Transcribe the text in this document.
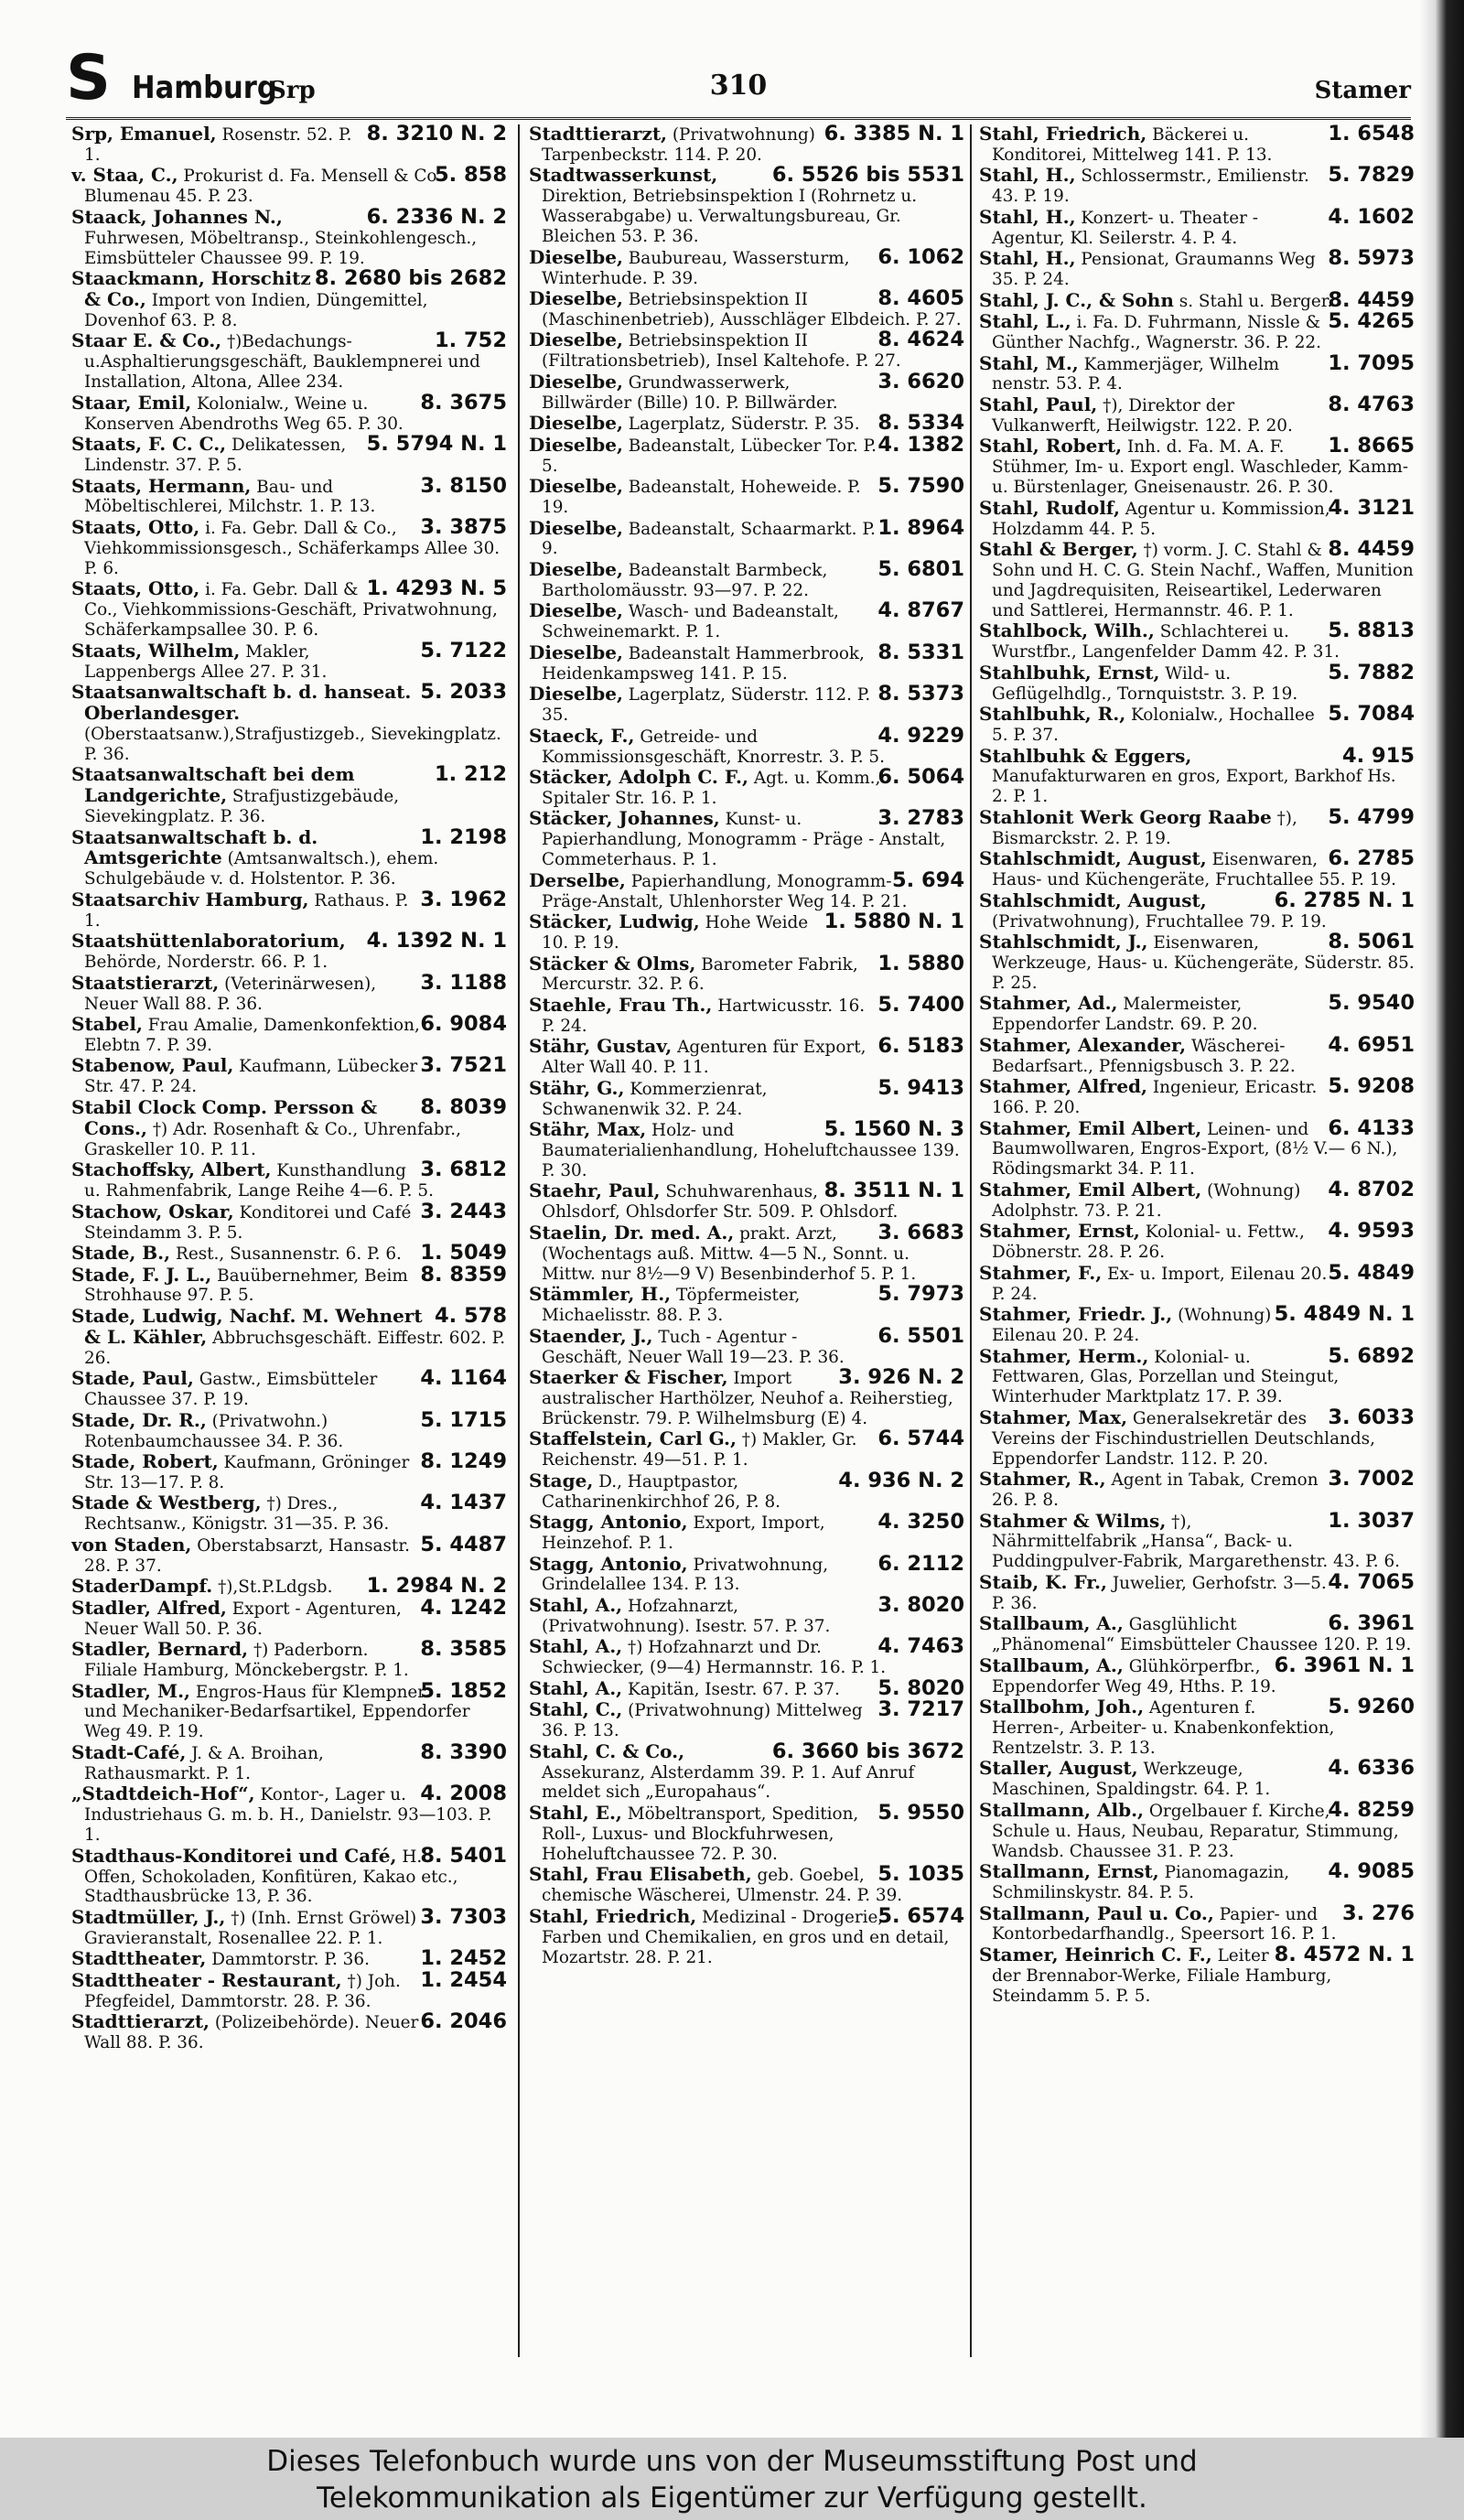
S Hamburg
Srp	310	Stamer
8. 3210 N. 2
Srp, Emanuel, Rosenstr. 52. P. 1.
5. 858
v. Staa, C., Prokurist d. Fa. Mensell & Co Blumenau 45. P. 23.
6. 2336 N. 2
Staack, Johannes N., Fuhrwesen, Möbeltransp., Steinkohlengesch., Eimsbütteler Chaussee 99. P. 19.
8. 2680 bis 2682
Staackmann, Horschitz & Co., Import von Indien, Düngemittel, Dovenhof 63. P. 8.
1. 752
Staar E. & Co., †)Bedachungs-u.Asphaltierungsgeschäft, Bauklempnerei und Installation, Altona, Allee 234.
8. 3675
Staar, Emil, Kolonialw., Weine u. Konserven Abendroths Weg 65. P. 30.
5. 5794 N. 1
Staats, F. C. C., Delikatessen, Lindenstr. 37. P. 5.
3. 8150
Staats, Hermann, Bau- und Möbeltischlerei, Milchstr. 1. P. 13.
3. 3875
Staats, Otto, i. Fa. Gebr. Dall & Co., Viehkommissionsgesch., Schäferkamps Allee 30. P. 6.
1. 4293 N. 5
Staats, Otto, i. Fa. Gebr. Dall & Co., Viehkommissions-Geschäft, Privatwohnung, Schäferkampsallee 30. P. 6.
5. 7122
Staats, Wilhelm, Makler, Lappenbergs Allee 27. P. 31.
5. 2033
Staatsanwaltschaft b. d. hanseat. Oberlandesger. (Oberstaatsanw.),Strafjustizgeb., Sievekingplatz. P. 36.
1. 212
Staatsanwaltschaft bei dem Landgerichte, Strafjustizgebäude, Sievekingplatz. P. 36.
1. 2198
Staatsanwaltschaft b. d. Amtsgerichte (Amtsanwaltsch.), ehem. Schulgebäude v. d. Holstentor. P. 36.
3. 1962
Staatsarchiv Hamburg, Rathaus. P. 1.
4. 1392 N. 1
Staatshüttenlaboratorium, Behörde, Norderstr. 66. P. 1.
3. 1188
Staatstierarzt, (Veterinärwesen), Neuer Wall 88. P. 36.
6. 9084
Stabel, Frau Amalie, Damenkonfektion, Elebtn 7. P. 39.
3. 7521
Stabenow, Paul, Kaufmann, Lübecker Str. 47. P. 24.
8. 8039
Stabil Clock Comp. Persson & Cons., †) Adr. Rosenhaft & Co., Uhrenfabr., Graskeller 10. P. 11.
3. 6812
Stachoffsky, Albert, Kunsthandlung u. Rahmenfabrik, Lange Reihe 4—6. P. 5.
3. 2443
Stachow, Oskar, Konditorei und Café Steindamm 3. P. 5.
1. 5049
Stade, B., Rest., Susannenstr. 6. P. 6.
8. 8359
Stade, F. J. L., Bauübernehmer, Beim Strohhause 97. P. 5.
4. 578
Stade, Ludwig, Nachf. M. Wehnert & L. Kähler, Abbruchsgeschäft. Eiffestr. 602. P. 26.
4. 1164
Stade, Paul, Gastw., Eimsbütteler Chaussee 37. P. 19.
5. 1715
Stade, Dr. R., (Privatwohn.) Rotenbaumchaussee 34. P. 36.
8. 1249
Stade, Robert, Kaufmann, Gröninger Str. 13—17. P. 8.
4. 1437
Stade & Westberg, †) Dres., Rechtsanw., Königstr. 31—35. P. 36.
5. 4487
von Staden, Oberstabsarzt, Hansastr. 28. P. 37.
1. 2984 N. 2
StaderDampf. †),St.P.Ldgsb.
4. 1242
Stadler, Alfred, Export - Agenturen, Neuer Wall 50. P. 36.
8. 3585
Stadler, Bernard, †) Paderborn. Filiale Hamburg, Mönckebergstr. P. 1.
5. 1852
Stadler, M., Engros-Haus für Klempner und Mechaniker-Bedarfsartikel, Eppendorfer Weg 49. P. 19.
8. 3390
Stadt-Café, J. & A. Broihan, Rathausmarkt. P. 1.
4. 2008
„Stadtdeich-Hof“, Kontor-, Lager u. Industriehaus G. m. b. H., Danielstr. 93—103. P. 1.
8. 5401
Stadthaus-Konditorei und Café, H. Offen, Schokoladen, Konfitüren, Kakao etc., Stadthausbrücke 13, P. 36.
3. 7303
Stadtmüller, J., †) (Inh. Ernst Gröwel) Gravieranstalt, Rosenallee 22. P. 1.
1. 2452
Stadttheater, Dammtorstr. P. 36.
1. 2454
Stadttheater - Restaurant, †) Joh. Pfegfeidel, Dammtorstr. 28. P. 36.
6. 2046
Stadttierarzt, (Polizeibehörde). Neuer Wall 88. P. 36.
6. 3385 N. 1
Stadttierarzt, (Privatwohnung) Tarpenbeckstr. 114. P. 20.
6. 5526 bis 5531
Stadtwasserkunst, Direktion, Betriebsinspektion I (Rohrnetz u. Wasserabgabe) u. Verwaltungsbureau, Gr. Bleichen 53. P. 36.
6. 1062
Dieselbe, Baubureau, Wassersturm, Winterhude. P. 39.
8. 4605
Dieselbe, Betriebsinspektion II (Maschinenbetrieb), Ausschläger Elbdeich. P. 27.
8. 4624
Dieselbe, Betriebsinspektion II (Filtrationsbetrieb), Insel Kaltehofe. P. 27.
3. 6620
Dieselbe, Grundwasserwerk, Billwärder (Bille) 10. P. Billwärder.
8. 5334
Dieselbe, Lagerplatz, Süderstr. P. 35.
4. 1382
Dieselbe, Badeanstalt, Lübecker Tor. P. 5.
5. 7590
Dieselbe, Badeanstalt, Hoheweide. P. 19.
1. 8964
Dieselbe, Badeanstalt, Schaarmarkt. P. 9.
5. 6801
Dieselbe, Badeanstalt Barmbeck, Bartholomäusstr. 93—97. P. 22.
4. 8767
Dieselbe, Wasch- und Badeanstalt, Schweinemarkt. P. 1.
8. 5331
Dieselbe, Badeanstalt Hammerbrook, Heidenkampsweg 141. P. 15.
8. 5373
Dieselbe, Lagerplatz, Süderstr. 112. P. 35.
4. 9229
Staeck, F., Getreide- und Kommissionsgeschäft, Knorrestr. 3. P. 5.
6. 5064
Stäcker, Adolph C. F., Agt. u. Komm., Spitaler Str. 16. P. 1.
3. 2783
Stäcker, Johannes, Kunst- u. Papierhandlung, Monogramm - Präge - Anstalt, Commeterhaus. P. 1.
5. 694
Derselbe, Papierhandlung, Monogramm-Präge-Anstalt, Uhlenhorster Weg 14. P. 21.
1. 5880 N. 1
Stäcker, Ludwig, Hohe Weide 10. P. 19.
1. 5880
Stäcker & Olms, Barometer Fabrik, Mercurstr. 32. P. 6.
5. 7400
Staehle, Frau Th., Hartwicusstr. 16. P. 24.
6. 5183
Stähr, Gustav, Agenturen für Export, Alter Wall 40. P. 11.
5. 9413
Stähr, G., Kommerzienrat, Schwanenwik 32. P. 24.
5. 1560 N. 3
Stähr, Max, Holz- und Baumaterialienhandlung, Hoheluftchaussee 139. P. 30.
8. 3511 N. 1
Staehr, Paul, Schuhwarenhaus, Ohlsdorf, Ohlsdorfer Str. 509. P. Ohlsdorf.
3. 6683
Staelin, Dr. med. A., prakt. Arzt, (Wochentags auß. Mittw. 4—5 N., Sonnt. u. Mittw. nur 8½—9 V) Besenbinderhof 5. P. 1.
5. 7973
Stämmler, H., Töpfermeister, Michaelisstr. 88. P. 3.
6. 5501
Staender, J., Tuch - Agentur - Geschäft, Neuer Wall 19—23. P. 36.
3. 926 N. 2
Staerker & Fischer, Import australischer Harthölzer, Neuhof a. Reiherstieg, Brückenstr. 79. P. Wilhelmsburg (E) 4.
6. 5744
Staffelstein, Carl G., †) Makler, Gr. Reichenstr. 49—51. P. 1.
4. 936 N. 2
Stage, D., Hauptpastor, Catharinenkirchhof 26, P. 8.
4. 3250
Stagg, Antonio, Export, Import, Heinzehof. P. 1.
6. 2112
Stagg, Antonio, Privatwohnung, Grindelallee 134. P. 13.
3. 8020
Stahl, A., Hofzahnarzt, (Privatwohnung). Isestr. 57. P. 37.
4. 7463
Stahl, A., †) Hofzahnarzt und Dr. Schwiecker, (9—4) Hermannstr. 16. P. 1.
5. 8020
Stahl, A., Kapitän, Isestr. 67. P. 37.
3. 7217
Stahl, C., (Privatwohnung) Mittelweg 36. P. 13.
6. 3660 bis 3672
Stahl, C. & Co., Assekuranz, Alsterdamm 39. P. 1. Auf Anruf meldet sich „Europahaus“.
5. 9550
Stahl, E., Möbeltransport, Spedition, Roll-, Luxus- und Blockfuhrwesen, Hoheluftchaussee 72. P. 30.
5. 1035
Stahl, Frau Elisabeth, geb. Goebel, chemische Wäscherei, Ulmenstr. 24. P. 39.
5. 6574
Stahl, Friedrich, Medizinal - Drogerie, Farben und Chemikalien, en gros und en detail, Mozartstr. 28. P. 21.
1. 6548
Stahl, Friedrich, Bäckerei u. Konditorei, Mittelweg 141. P. 13.
5. 7829
Stahl, H., Schlossermstr., Emilienstr. 43. P. 19.
4. 1602
Stahl, H., Konzert- u. Theater - Agentur, Kl. Seilerstr. 4. P. 4.
8. 5973
Stahl, H., Pensionat, Graumanns Weg 35. P. 24.
8. 4459
Stahl, J. C., & Sohn s. Stahl u. Berger.
5. 4265
Stahl, L., i. Fa. D. Fuhrmann, Nissle & Günther Nachfg., Wagnerstr. 36. P. 22.
1. 7095
Stahl, M., Kammerjäger, Wilhelm nenstr. 53. P. 4.
8. 4763
Stahl, Paul, †), Direktor der Vulkanwerft, Heilwigstr. 122. P. 20.
1. 8665
Stahl, Robert, Inh. d. Fa. M. A. F. Stühmer, Im- u. Export engl. Waschleder, Kamm- u. Bürstenlager, Gneisenaustr. 26. P. 30.
4. 3121
Stahl, Rudolf, Agentur u. Kommission, Holzdamm 44. P. 5.
8. 4459
Stahl & Berger, †) vorm. J. C. Stahl & Sohn und H. C. G. Stein Nachf., Waffen, Munition und Jagdrequisiten, Reiseartikel, Lederwaren und Sattlerei, Hermannstr. 46. P. 1.
5. 8813
Stahlbock, Wilh., Schlachterei u. Wurstfbr., Langenfelder Damm 42. P. 31.
5. 7882
Stahlbuhk, Ernst, Wild- u. Geflügelhdlg., Tornquiststr. 3. P. 19.
5. 7084
Stahlbuhk, R., Kolonialw., Hochallee 5. P. 37.
4. 915
Stahlbuhk & Eggers, Manufakturwaren en gros, Export, Barkhof Hs. 2. P. 1.
5. 4799
Stahlonit Werk Georg Raabe †), Bismarckstr. 2. P. 19.
6. 2785
Stahlschmidt, August, Eisenwaren, Haus- und Küchengeräte, Fruchtallee 55. P. 19.
6. 2785 N. 1
Stahlschmidt, August, (Privatwohnung), Fruchtallee 79. P. 19.
8. 5061
Stahlschmidt, J., Eisenwaren, Werkzeuge, Haus- u. Küchengeräte, Süderstr. 85. P. 25.
5. 9540
Stahmer, Ad., Malermeister, Eppendorfer Landstr. 69. P. 20.
4. 6951
Stahmer, Alexander, Wäscherei-Bedarfsart., Pfennigsbusch 3. P. 22.
5. 9208
Stahmer, Alfred, Ingenieur, Ericastr. 166. P. 20.
6. 4133
Stahmer, Emil Albert, Leinen- und Baumwollwaren, Engros-Export, (8½ V.— 6 N.), Rödingsmarkt 34. P. 11.
4. 8702
Stahmer, Emil Albert, (Wohnung) Adolphstr. 73. P. 21.
4. 9593
Stahmer, Ernst, Kolonial- u. Fettw., Döbnerstr. 28. P. 26.
5. 4849
Stahmer, F., Ex- u. Import, Eilenau 20. P. 24.
5. 4849 N. 1
Stahmer, Friedr. J., (Wohnung) Eilenau 20. P. 24.
5. 6892
Stahmer, Herm., Kolonial- u. Fettwaren, Glas, Porzellan und Steingut, Winterhuder Marktplatz 17. P. 39.
3. 6033
Stahmer, Max, Generalsekretär des Vereins der Fischindustriellen Deutschlands, Eppendorfer Landstr. 112. P. 20.
3. 7002
Stahmer, R., Agent in Tabak, Cremon 26. P. 8.
1. 3037
Stahmer & Wilms, †), Nährmittelfabrik „Hansa“, Back- u. Puddingpulver-Fabrik, Margarethenstr. 43. P. 6.
4. 7065
Staib, K. Fr., Juwelier, Gerhofstr. 3—5. P. 36.
6. 3961
Stallbaum, A., Gasglühlicht „Phänomenal“ Eimsbütteler Chaussee 120. P. 19.
6. 3961 N. 1
Stallbaum, A., Glühkörperfbr., Eppendorfer Weg 49, Hths. P. 19.
5. 9260
Stallbohm, Joh., Agenturen f. Herren-, Arbeiter- u. Knabenkonfektion, Rentzelstr. 3. P. 13.
4. 6336
Staller, August, Werkzeuge, Maschinen, Spaldingstr. 64. P. 1.
4. 8259
Stallmann, Alb., Orgelbauer f. Kirche, Schule u. Haus, Neubau, Reparatur, Stimmung, Wandsb. Chaussee 31. P. 23.
4. 9085
Stallmann, Ernst, Pianomagazin, Schmilinskystr. 84. P. 5.
3. 276
Stallmann, Paul u. Co., Papier- und Kontorbedarfhandlg., Speersort 16. P. 1.
8. 4572 N. 1
Stamer, Heinrich C. F., Leiter der Brennabor-Werke, Filiale Hamburg, Steindamm 5. P. 5.
Dieses Telefonbuch wurde uns von der Museumsstiftung Post und
Telekommunikation als Eigentümer zur Verfügung gestellt.
